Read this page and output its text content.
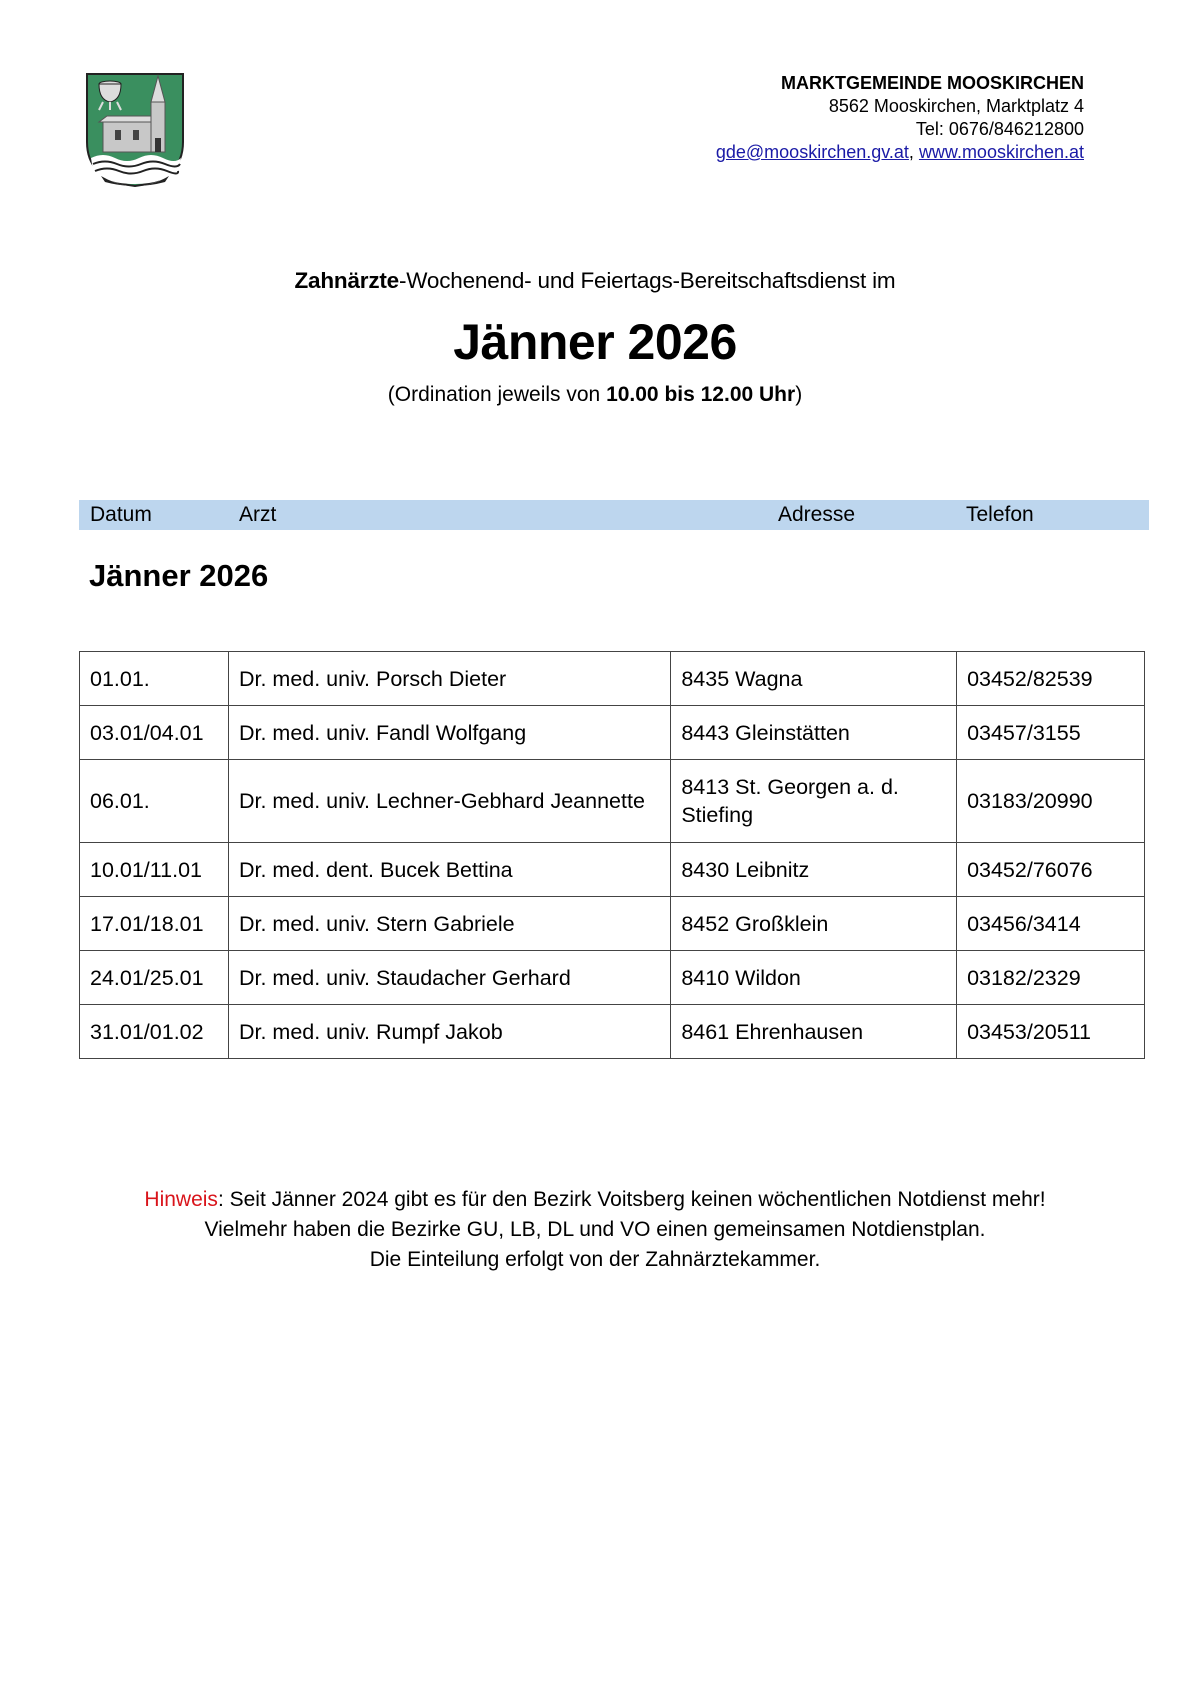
MARKTGEMEINDE MOOSKIRCHEN
8562 Mooskirchen, Marktplatz 4
Tel: 0676/846212800
gde@mooskirchen.gv.at, www.mooskirchen.at
Zahnärzte-Wochenend- und Feiertags-Bereitschaftsdienst im
Jänner 2026
(Ordination jeweils von 10.00 bis 12.00 Uhr)
Datum	Arzt	Adresse	Telefon
Jänner 2026
01.01.	Dr. med. univ. Porsch Dieter	8435 Wagna	03452/82539
03.01/04.01	Dr. med. univ. Fandl Wolfgang	8443 Gleinstätten	03457/3155
06.01.	Dr. med. univ. Lechner-Gebhard Jeannette	8413 St. Georgen a. d. Stiefing	03183/20990
10.01/11.01	Dr. med. dent. Bucek Bettina	8430 Leibnitz	03452/76076
17.01/18.01	Dr. med. univ. Stern Gabriele	8452 Großklein	03456/3414
24.01/25.01	Dr. med. univ. Staudacher Gerhard	8410 Wildon	03182/2329
31.01/01.02	Dr. med. univ. Rumpf Jakob	8461 Ehrenhausen	03453/20511
Hinweis: Seit Jänner 2024 gibt es für den Bezirk Voitsberg keinen wöchentlichen Notdienst mehr!
Vielmehr haben die Bezirke GU, LB, DL und VO einen gemeinsamen Notdienstplan.
Die Einteilung erfolgt von der Zahnärztekammer.
